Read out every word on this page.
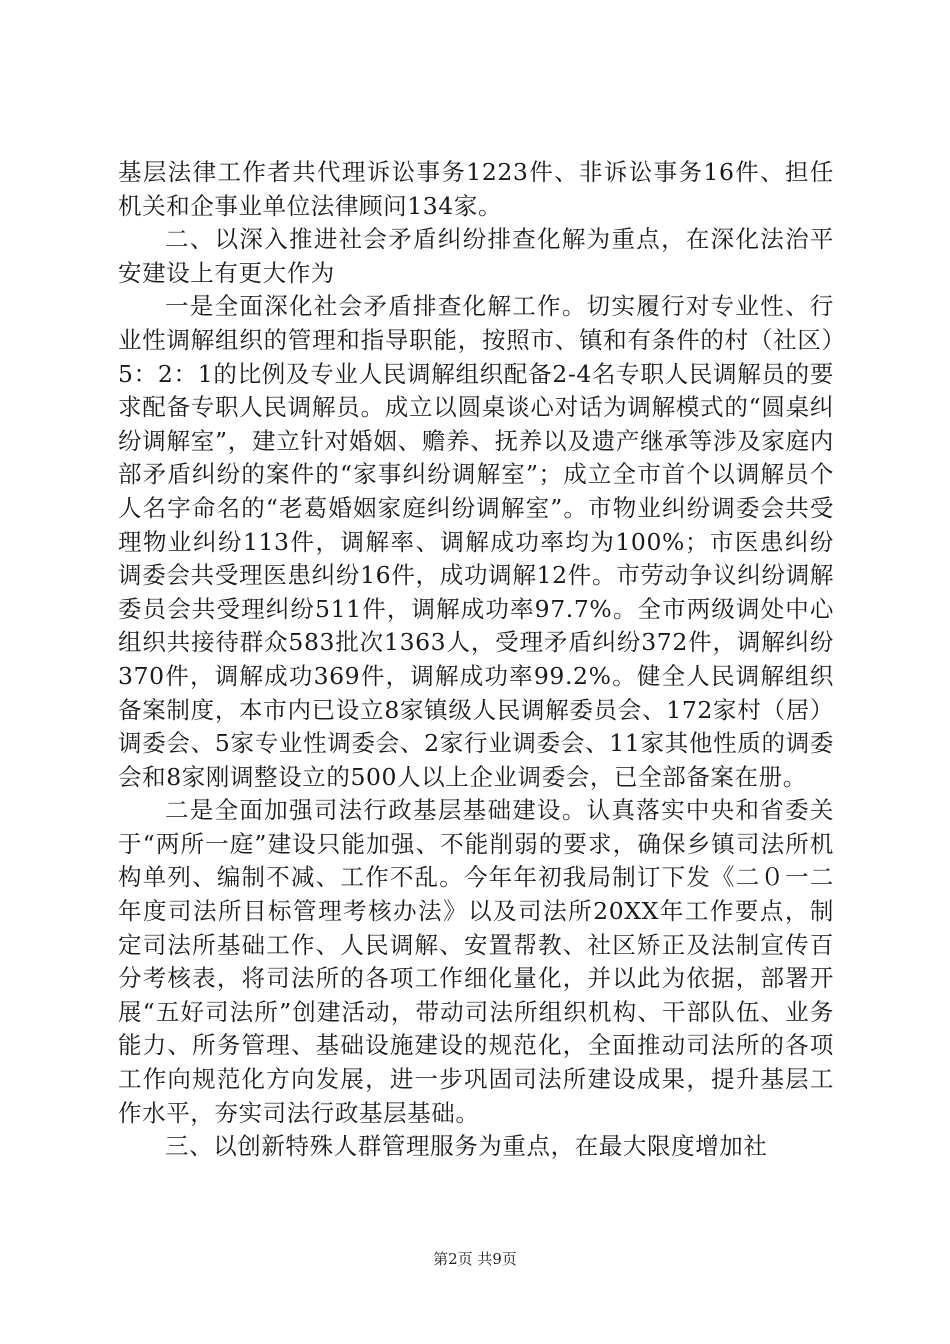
基层法律工作者共代理诉讼事务1223件、非诉讼事务16件、担任机关和企事业单位法律顾问134家。

二、以深入推进社会矛盾纠纷排查化解为重点，在深化法治平安建设上有更大作为

一是全面深化社会矛盾排查化解工作。切实履行对专业性、行业性调解组织的管理和指导职能，按照市、镇和有条件的村（社区）5：2：1的比例及专业人民调解组织配备2-4名专职人民调解员的要求配备专职人民调解员。成立以圆桌谈心对话为调解模式的“圆桌纠纷调解室”，建立针对婚姻、赡养、抚养以及遗产继承等涉及家庭内部矛盾纠纷的案件的“家事纠纷调解室”；成立全市首个以调解员个人名字命名的“老葛婚姻家庭纠纷调解室”。市物业纠纷调委会共受理物业纠纷113件，调解率、调解成功率均为100%；市医患纠纷调委会共受理医患纠纷16件，成功调解12件。市劳动争议纠纷调解委员会共受理纠纷511件，调解成功率97.7%。全市两级调处中心组织共接待群众583批次1363人，受理矛盾纠纷372件，调解纠纷370件，调解成功369件，调解成功率99.2%。健全人民调解组织备案制度，本市内已设立8家镇级人民调解委员会、172家村（居）调委会、5家专业性调委会、2家行业调委会、11家其他性质的调委会和8家刚调整设立的500人以上企业调委会，已全部备案在册。

二是全面加强司法行政基层基础建设。认真落实中央和省委关于“两所一庭”建设只能加强、不能削弱的要求，确保乡镇司法所机构单列、编制不减、工作不乱。今年年初我局制订下发《二０一二年度司法所目标管理考核办法》以及司法所20XX年工作要点，制定司法所基础工作、人民调解、安置帮教、社区矫正及法制宣传百分考核表，将司法所的各项工作细化量化，并以此为依据，部署开展“五好司法所”创建活动，带动司法所组织机构、干部队伍、业务能力、所务管理、基础设施建设的规范化，全面推动司法所的各项工作向规范化方向发展，进一步巩固司法所建设成果，提升基层工作水平，夯实司法行政基层基础。

三、以创新特殊人群管理服务为重点，在最大限度增加社

第2页 共9页
